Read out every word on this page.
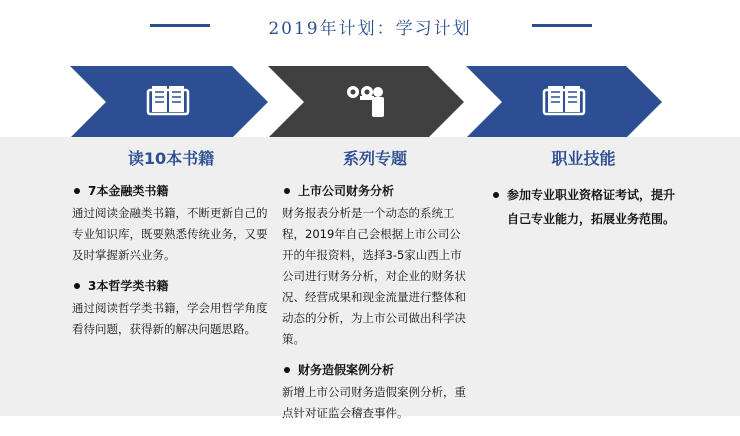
2019年计划：学习计划
读10本书籍
7本金融类书籍
通过阅读金融类书籍，不断更新自己的专业知识库，既要熟悉传统业务，又要及时掌握新兴业务。
3本哲学类书籍
通过阅读哲学类书籍，学会用哲学角度看待问题，获得新的解决问题思路。
系列专题
上市公司财务分析
财务报表分析是一个动态的系统工程，2019年自己会根据上市公司公开的年报资料，选择3-5家山西上市公司进行财务分析，对企业的财务状况、经营成果和现金流量进行整体和动态的分析，为上市公司做出科学决策。
财务造假案例分析
新增上市公司财务造假案例分析，重点针对证监会稽查事件。
职业技能
参加专业职业资格证考试，提升自己专业能力，拓展业务范围。
